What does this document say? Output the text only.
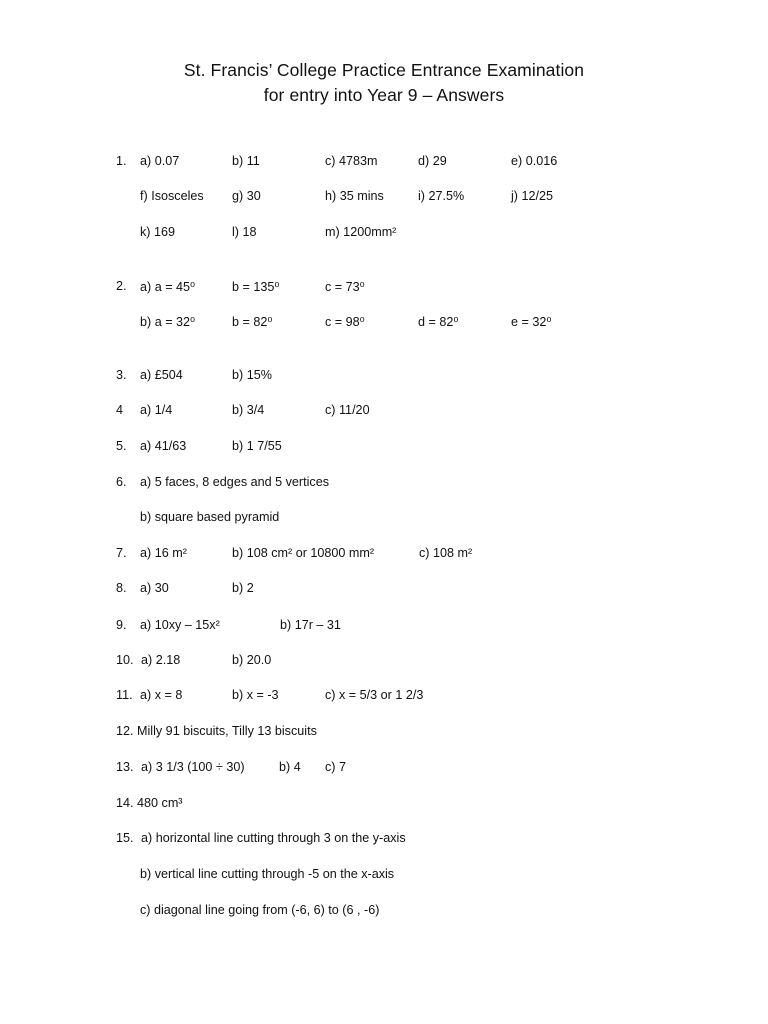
St. Francis’ College Practice Entrance Examination
for entry into Year 9 – Answers
1. a) 0.07	b) 11	c) 4783m	d) 29	e) 0.016
f) Isosceles g) 30	h) 35 mins	i) 27.5%	j) 12/25
k) 169	l) 18	m) 1200mm²
2. a) a = 45⁰	b = 135⁰	c = 73⁰
b) a = 32⁰	b = 82⁰	c = 98⁰	d = 82⁰	e = 32⁰
3. a) £504	b) 15%
4 a) 1/4	b) 3/4	c) 11/20
5. a) 41/63	b) 1 7/55
6. a) 5 faces, 8 edges and 5 vertices
b) square based pyramid
7. a) 16 m²	b) 108 cm² or 10800 mm²	c) 108 m²
8. a) 30	b) 2
9. a) 10xy – 15x²	b) 17r – 31
10. a) 2.18	b) 20.0
11. a) x = 8	b) x = -3	c) x = 5/3 or 1 2/3
12. Milly 91 biscuits, Tilly 13 biscuits
13. a) 3 1/3 (100 ÷ 30)	b) 4 c) 7
14. 480 cm³
15. a) horizontal line cutting through 3 on the y-axis
b) vertical line cutting through -5 on the x-axis
c) diagonal line going from (-6, 6) to (6 , -6)
